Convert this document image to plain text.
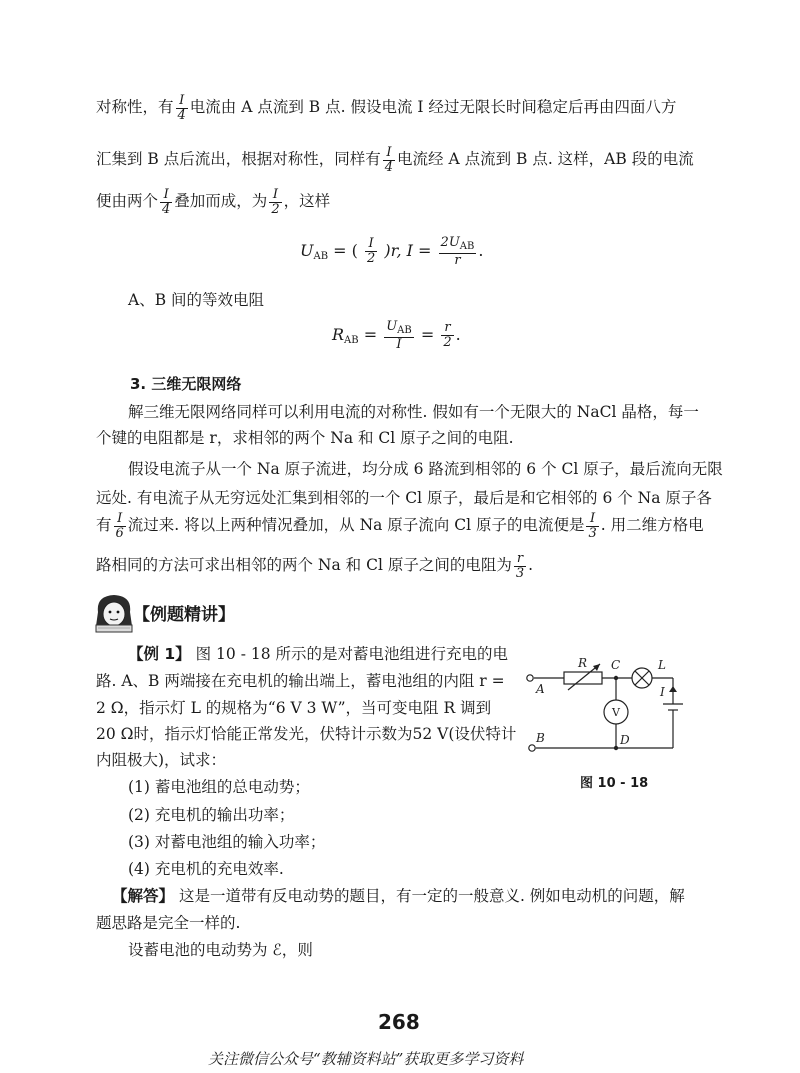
对称性，有 $\frac{I}{4}$ 电流由 A 点流到 B 点. 假设电流 I 经过无限长时间稳定后再由四面八方
汇集到 B 点后流出，根据对称性，同样有 $\frac{I}{4}$ 电流经 A 点流到 B 点. 这样，AB 段的电流
便由两个 $\frac{I}{4}$ 叠加而成，为 $\frac{I}{2}$ ，这样
$U_{AB}$ = ( $\frac{I}{2} )r$, $I = \frac{2U_{AB}}{r}$ .
A、B 间的等效电阻
$R_{AB} = \frac{U_{AB}}{I} = \frac{r}{2}$ .
3. 三维无限网络
解三维无限网络同样可以利用电流的对称性. 假如有一个无限大的 NaCl 晶格，每一
个键的电阻都是 r，求相邻的两个 Na 和 Cl 原子之间的电阻.
假设电流子从一个 Na 原子流进，均分成 6 路流到相邻的 6 个 Cl 原子，最后流向无限
远处. 有电流子从无穷远处汇集到相邻的一个 Cl 原子，最后是和它相邻的 6 个 Na 原子各
有 $\frac{I}{6}$ 流过来. 将以上两种情况叠加，从 Na 原子流向 Cl 原子的电流便是 $\frac{I}{3}$ . 用二维方格电
路相同的方法可求出相邻的两个 Na 和 Cl 原子之间的电阻为 $\frac{r}{3}$ .
【例题精讲】
【例 1】 图 10 - 18 所示的是对蓄电池组进行充电的电
路. A、B 两端接在充电机的输出端上，蓄电池组的内阻 r =
2 Ω，指示灯 L 的规格为“6 V 3 W”，当可变电阻 R 调到
20 Ω时，指示灯恰能正常发光，伏特计示数为52 V(设伏特计
内阻极大)，试求：
(1) 蓄电池组的总电动势；
(2) 充电机的输出功率；
(3) 对蓄电池组的输入功率；
(4) 充电机的充电效率.
【解答】 这是一道带有反电动势的题目，有一定的一般意义. 例如电动机的问题，解
题思路是完全一样的.
设蓄电池的电动势为 ℰ，则
R C	L
A	I
V
B	D
图 10 - 18
268
关注微信公众号“教辅资料站”获取更多学习资料
